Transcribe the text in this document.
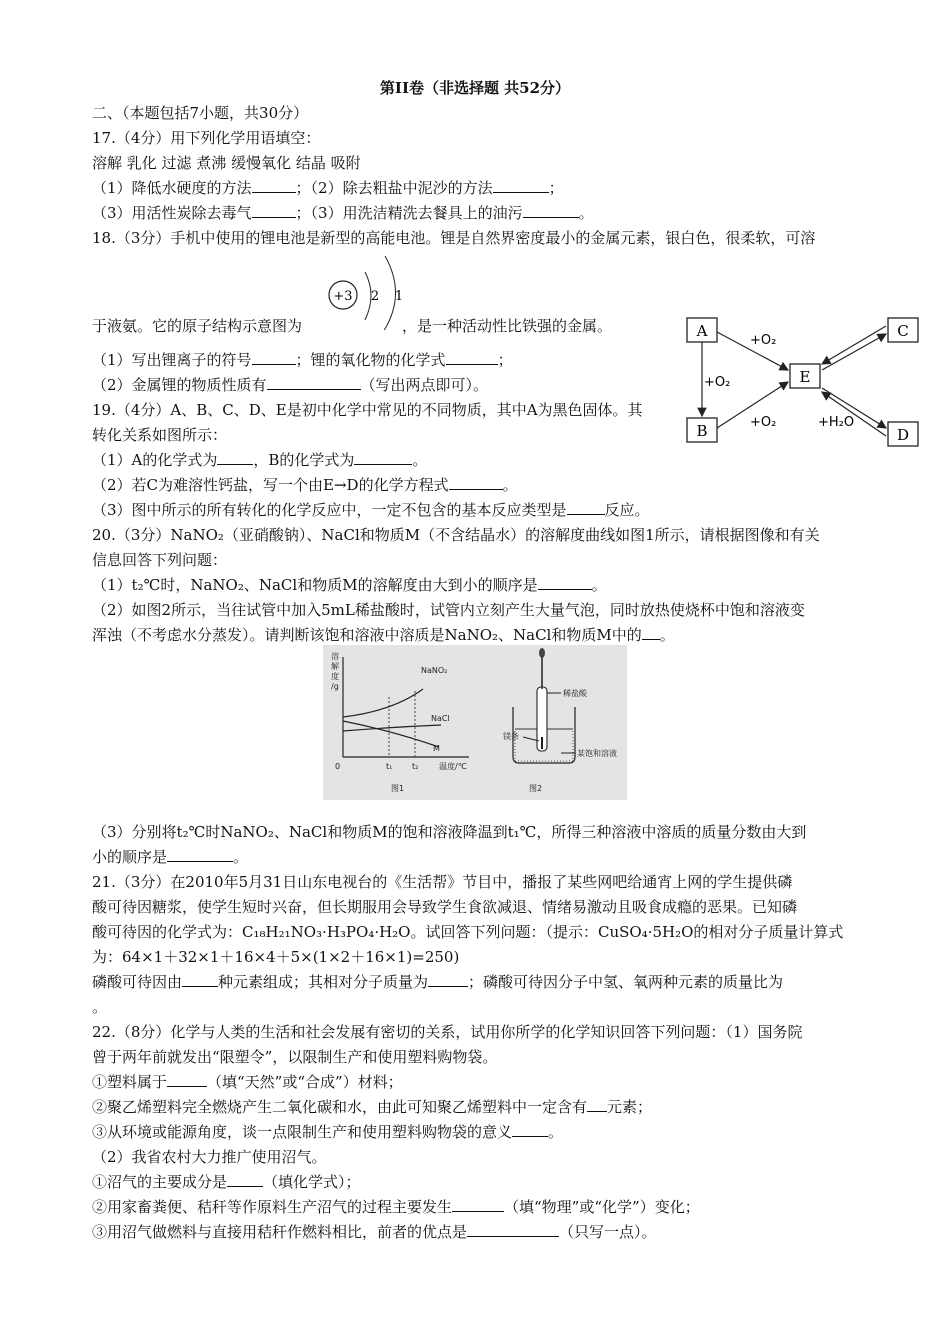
第II卷（非选择题 共52分）
二、（本题包括7小题，共30分）
17.（4分）用下列化学用语填空：
溶解 乳化 过滤 煮沸 缓慢氧化 结晶 吸附
（1）降低水硬度的方法	；（2）除去粗盐中泥沙的方法	；
（3）用活性炭除去毒气	；（3）用洗洁精洗去餐具上的油污	。
18.（3分）手机中使用的锂电池是新型的高能电池。锂是自然界密度最小的金属元素，银白色，很柔软，可溶
+3 2 1
于液氨。它的原子结构示意图为	，是一种活动性比铁强的金属。
（1）写出锂离子的符号	；锂的氧化物的化学式	；
（2）金属锂的物质性质有	（写出两点即可）。
19.（4分）A、B、C、D、E是初中化学中常见的不同物质，其中A为黑色固体。其
转化关系如图所示：
（1）A的化学式为 ，B的化学式为	。
（2）若C为难溶性钙盐，写一个由E→D的化学方程式	。
（3）图中所示的所有转化的化学反应中，一定不包含的基本反应类型是	反应。
A
B
E
C
D
+O₂
+O₂
+O₂	+H₂O
20.（3分）NaNO₂（亚硝酸钠）、NaCl和物质M（不含结晶水）的溶解度曲线如图1所示，请根据图像和有关
信息回答下列问题：
（1）t₂℃时，NaNO₂、NaCl和物质M的溶解度由大到小的顺序是	。
（2）如图2所示，当往试管中加入5mL稀盐酸时，试管内立刻产生大量气泡，同时放热使烧杯中饱和溶液变
浑浊（不考虑水分蒸发）。请判断该饱和溶液中溶质是NaNO₂、NaCl和物质M中的 。
溶
解
度
/g
NaNO₂
NaCl
M
0	t₁ t₂	温度/℃
图1	图2
稀盐酸
镁条
某饱和溶液
（3）分别将t₂℃时NaNO₂、NaCl和物质M的饱和溶液降温到t₁℃，所得三种溶液中溶质的质量分数由大到
小的顺序是	。
21.（3分）在2010年5月31日山东电视台的《生活帮》节目中，播报了某些网吧给通宵上网的学生提供磷
酸可待因糖浆，使学生短时兴奋，但长期服用会导致学生食欲减退、情绪易激动且吸食成瘾的恶果。已知磷
酸可待因的化学式为：C₁₈H₂₁NO₃·H₃PO₄·H₂O。试回答下列问题：（提示：CuSO₄·5H₂O的相对分子质量计算式
为：64×1＋32×1＋16×4＋5×(1×2＋16×1)=250)
磷酸可待因由 种元素组成；其相对分子质量为	；磷酸可待因分子中氢、氧两种元素的质量比为
。
22.（8分）化学与人类的生活和社会发展有密切的关系，试用你所学的化学知识回答下列问题：（1）国务院
曾于两年前就发出“限塑令”，以限制生产和使用塑料购物袋。
①塑料属于	（填“天然”或“合成”）材料；
②聚乙烯塑料完全燃烧产生二氧化碳和水，由此可知聚乙烯塑料中一定含有 元素；
③从环境或能源角度，谈一点限制生产和使用塑料购物袋的意义 。
（2）我省农村大力推广使用沼气。
①沼气的主要成分是 （填化学式）；
②用家畜粪便、秸秆等作原料生产沼气的过程主要发生	（填“物理”或“化学”）变化；
③用沼气做燃料与直接用秸秆作燃料相比，前者的优点是	（只写一点）。
